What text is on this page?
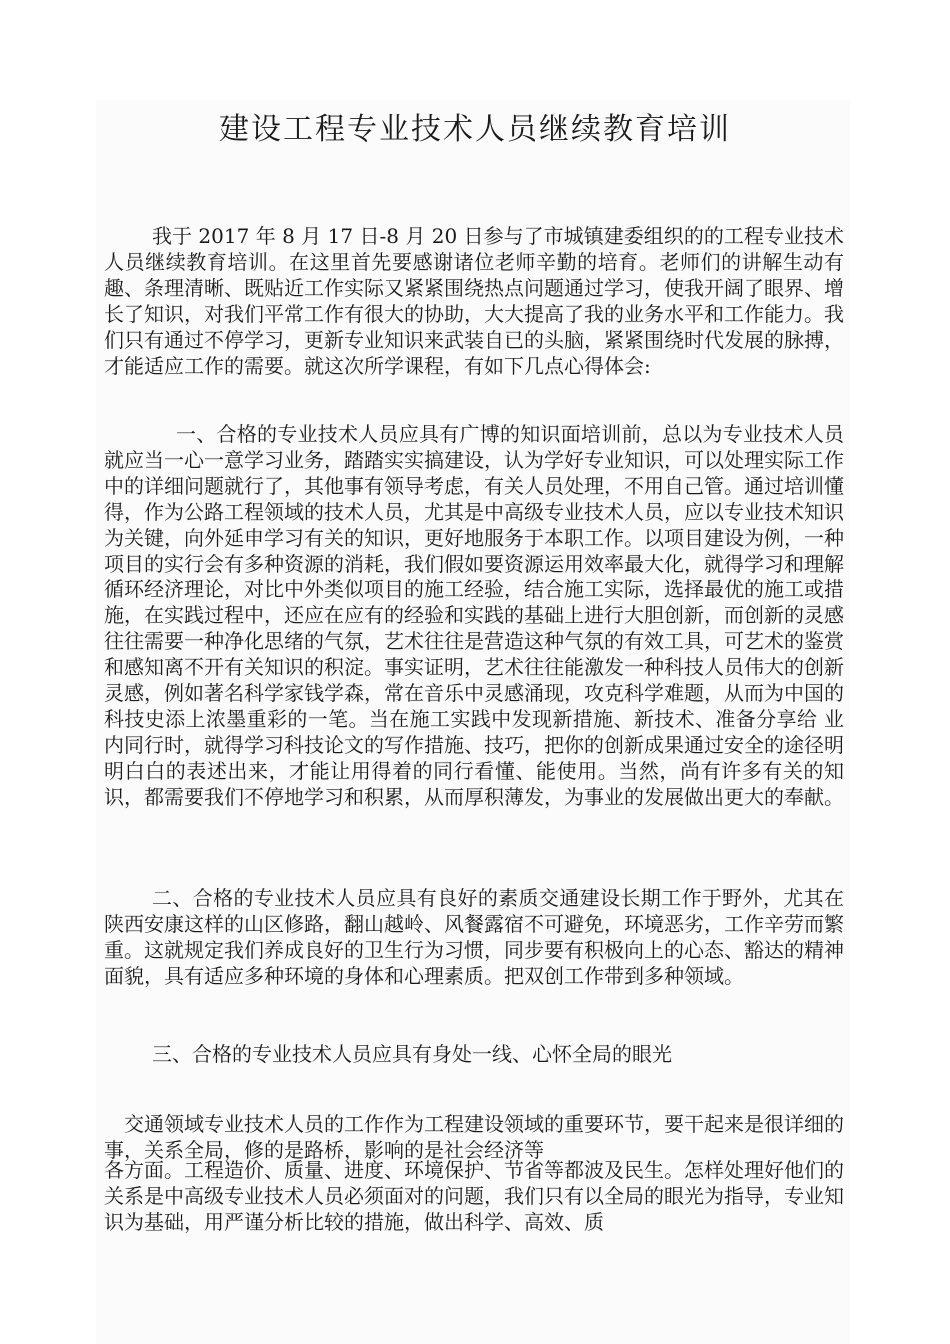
建设工程专业技术人员继续教育培训

我于 2017 年 8 月 17 日-8 月 20 日参与了市城镇建委组织的的工程专业技术人员继续教育培训。在这里首先要感谢诸位老师辛勤的培育。老师们的讲解生动有趣、条理清晰、既贴近工作实际又紧紧围绕热点问题通过学习，使我开阔了眼界、增长了知识，对我们平常工作有很大的协助，大大提高了我的业务水平和工作能力。我们只有通过不停学习，更新专业知识来武装自已的头脑，紧紧围绕时代发展的脉搏，才能适应工作的需要。就这次所学课程，有如下几点心得体会:

一、合格的专业技术人员应具有广博的知识面培训前，总以为专业技术人员就应当一心一意学习业务，踏踏实实搞建设，认为学好专业知识，可以处理实际工作中的详细问题就行了，其他事有领导考虑，有关人员处理，不用自己管。通过培训懂得，作为公路工程领域的技术人员，尤其是中高级专业技术人员，应以专业技术知识为关键，向外延申学习有关的知识，更好地服务于本职工作。以项目建设为例，一种项目的实行会有多种资源的消耗，我们假如要资源运用效率最大化，就得学习和理解循环经济理论，对比中外类似项目的施工经验，结合施工实际，选择最优的施工或措施，在实践过程中，还应在应有的经验和实践的基础上进行大胆创新，而创新的灵感往往需要一种净化思绪的气氛，艺术往往是营造这种气氛的有效工具，可艺术的鉴赏和感知离不开有关知识的积淀。事实证明，艺术往往能激发一种科技人员伟大的创新灵感，例如著名科学家钱学森，常在音乐中灵感涌现，攻克科学难题，从而为中国的科技史添上浓墨重彩的一笔。当在施工实践中发现新措施、新技术、准备分享给 业内同行时，就得学习科技论文的写作措施、技巧，把你的创新成果通过安全的途径明明白白的表述出来，才能让用得着的同行看懂、能使用。当然，尚有许多有关的知识，都需要我们不停地学习和积累，从而厚积薄发，为事业的发展做出更大的奉献。

二、合格的专业技术人员应具有良好的素质交通建设长期工作于野外，尤其在陕西安康这样的山区修路，翻山越岭、风餐露宿不可避免，环境恶劣，工作辛劳而繁重。这就规定我们养成良好的卫生行为习惯，同步要有积极向上的心态、豁达的精神面貌，具有适应多种环境的身体和心理素质。把双创工作带到多种领域。

三、合格的专业技术人员应具有身处一线、心怀全局的眼光

交通领域专业技术人员的工作作为工程建设领域的重要环节，要干起来是很详细的事，关系全局，修的是路桥，影响的是社会经济等

各方面。工程造价、质量、进度、环境保护、节省等都波及民生。怎样处理好他们的关系是中高级专业技术人员必须面对的问题，我们只有以全局的眼光为指导，专业知识为基础，用严谨分析比较的措施，做出科学、高效、质
